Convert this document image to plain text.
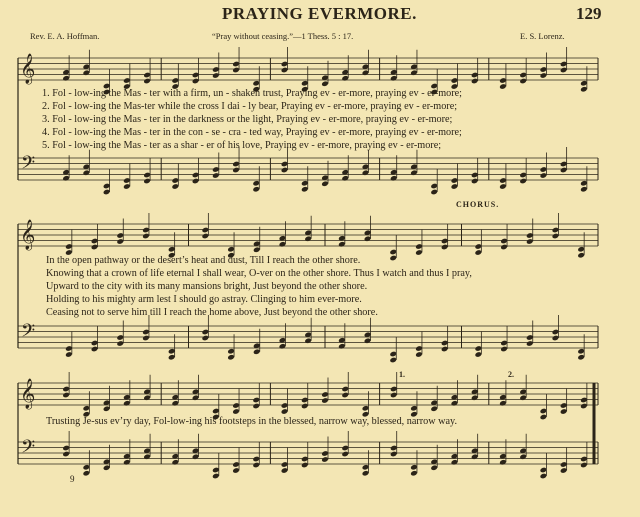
PRAYING EVERMORE.	129
Rev. E. A. Hoffman.	“Pray without ceasing.”—1 Thess. 5 : 17.	E. S. Lorenz.
𝄞
𝄢
𝄞
𝄢
𝄞
𝄢
1. Fol - low-ing the Mas - ter with a firm, un - shaken trust, Praying ev - er-more, praying ev - er-more;
2. Fol - low-ing the Mas-ter while the cross I dai - ly bear, Praying ev - er-more, praying ev - er-more;
3. Fol - low-ing the Mas - ter in the darkness or the light, Praying ev - er-more, praying ev - er-more;
4. Fol - low-ing the Mas - ter in the con - se - cra - ted way, Praying ev - er-more, praying ev - er-more;
5. Fol - low-ing the Mas - ter as a shar - er of his love, Praying ev - er-more, praying ev - er-more;
CHORUS.
In the open pathway or the desert’s heat and dust, Till I reach the other shore.
Knowing that a crown of life eternal I shall wear, O-ver on the other shore. Thus I watch and thus I pray,
Upward to the city with its many mansions bright, Just beyond the other shore.
Holding to his mighty arm lest I should go astray. Clinging to him ever-more.
Ceasing not to serve him till I reach the home above, Just beyond the other shore.
1.	2.
Trusting Je-sus ev’ry day, Fol-low-ing his footsteps in the blessed, narrow way, blessed, narrow way.
9
